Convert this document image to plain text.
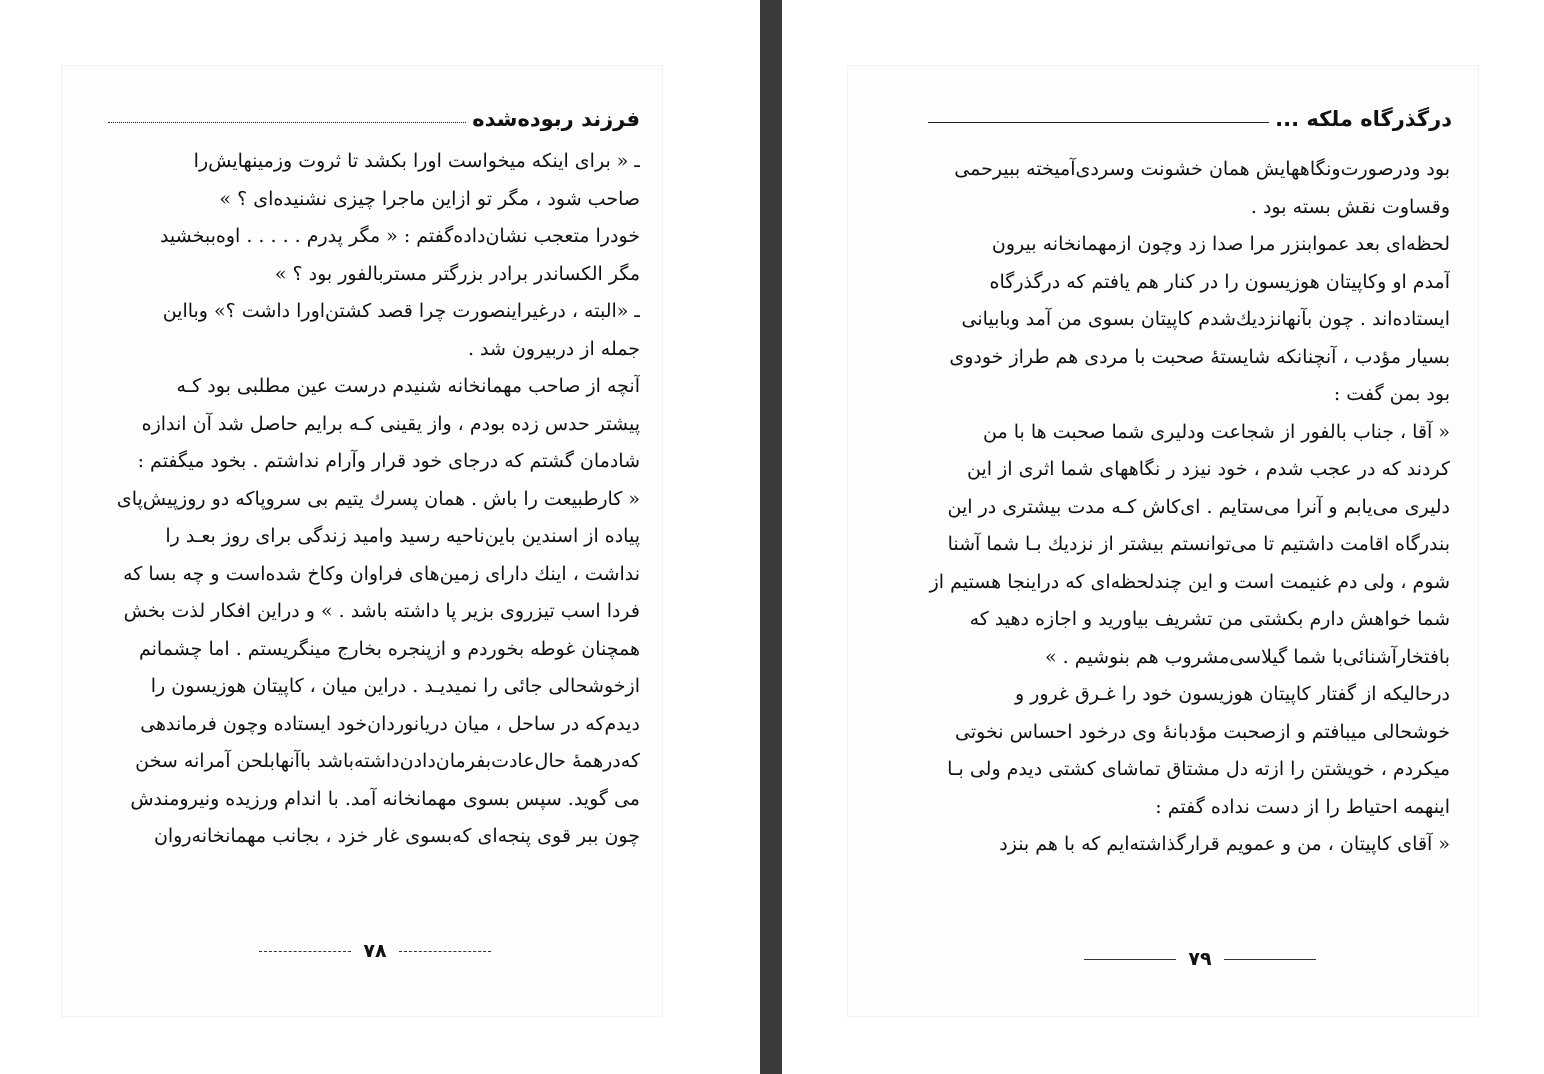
فرزند ربوده‌شده
ـ « برای اینکه میخواست اورا بکشد تا ثروت وزمینهایش‌را
صاحب شود ، مگر تو ازاین ماجرا چیزی نشنیده‌ای ؟ »
خودرا متعجب نشان‌داده‌گفتم : « مگر پدرم . . . . . اوه‌ببخشید
مگر الکساندر برادر بزرگتر مستربالفور بود ؟ »
ـ «البته ، درغیراینصورت چرا قصد کشتن‌اورا داشت ؟» وبااین
جمله از دربیرون شد .
آنچه از صاحب مهمانخانه شنیدم درست عین مطلبی بود کـه
پیشتر حدس زده بودم ، واز یقینی کـه برایم حاصل شد آن اندازه
شادمان گشتم که درجای خود قرار وآرام نداشتم . بخود میگفتم :
« کارطبیعت را باش . همان پسرك یتیم بی سروپاکه دو روزپیش‌پای
پیاده از اسندین باین‌ناحیه رسید وامید زندگی برای روز بعـد را
نداشت ، اینك دارای زمین‌های فراوان وکاخ شده‌است و چه بسا که
فردا اسب تیزروی بزیر پا داشته باشد . » و دراین افکار لذت بخش
همچنان غوطه بخوردم و ازپنجره بخارج مینگریستم . اما چشمانم
ازخوشحالی جائی را نمیدیـد . دراین میان ، کاپیتان هوزیسون را
دیدم‌که در ساحل ، میان دریانوردان‌خود ایستاده وچون فرماندهی
که‌درهمهٔ حال‌عادت‌بفرمان‌دادن‌داشته‌باشد باآنهابلحن آمرانه سخن
می گوید. سپس بسوی مهمانخانه آمد. با اندام ورزیده ونیرومندش
چون ببر قوی پنجه‌ای که‌بسوی غار خزد ، بجانب مهمانخانه‌روان
۷۸
درگذرگاه ملکه ...
بود ودرصورت‌ونگاههایش همان خشونت وسردی‌آمیخته ببیرحمی
وقساوت نقش بسته بود .
لحظه‌ای بعد عموابنزر مرا صدا زد وچون ازمهمانخانه بیرون
آمدم او وکاپیتان هوزیسون را در کنار هم یافتم که درگذرگاه
ایستاده‌اند . چون بآنهانزدیك‌شدم کاپیتان بسوی من آمد وبابیانی
بسیار مؤدب ، آنچنانکه شایستهٔ صحبت با مردی هم طراز خودوی
بود بمن گفت :
« آقا ، جناب بالفور از شجاعت ودلیری شما صحبت ها با من
کردند که در عجب شدم ، خود نیزد ر نگاههای شما اثری از این
دلیری می‌یابم و آنرا می‌ستایم . ای‌کاش کـه مدت بیشتری در این
بندرگاه اقامت داشتیم تا می‌توانستم بیشتر از نزدیك بـا شما آشنا
شوم ، ولی دم غنیمت است و این چندلحظه‌ای که دراینجا هستیم از
شما خواهش دارم بکشتی من تشریف بیاورید و اجازه دهید که
بافتخارآشنائی‌با شما گیلاسی‌مشروب هم بنوشیم . »
درحالیکه از گفتار کاپیتان هوزیسون خود را غـرق غرور و
خوشحالی میبافتم و ازصحبت مؤدبانهٔ وی درخود احساس نخوتی
میکردم ، خویشتن را ازته دل مشتاق تماشای کشتی دیدم ولی بـا
اینهمه احتیاط را از دست نداده گفتم :
« آقای کاپیتان ، من و عمویم قرارگذاشته‌ایم که با هم بنزد
۷۹
